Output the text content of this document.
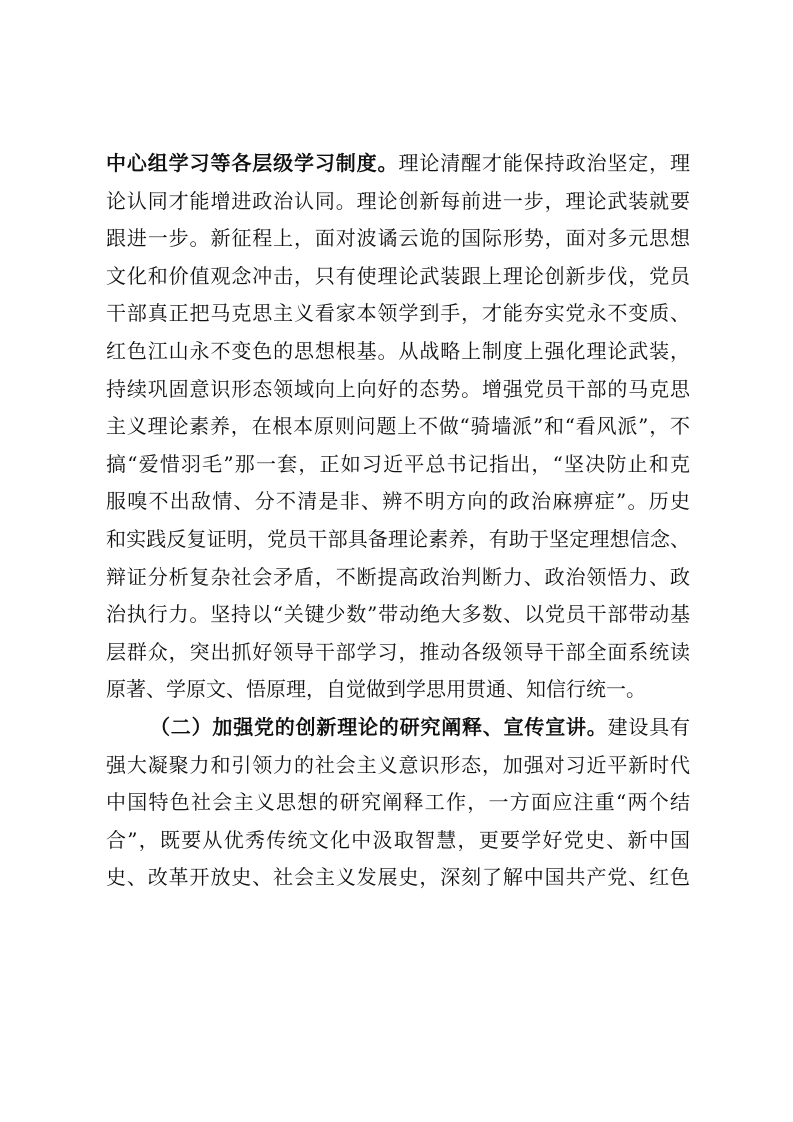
中心组学习等各层级学习制度。理论清醒才能保持政治坚定，理
论认同才能增进政治认同。理论创新每前进一步，理论武装就要
跟进一步。新征程上，面对波谲云诡的国际形势，面对多元思想
文化和价值观念冲击，只有使理论武装跟上理论创新步伐，党员
干部真正把马克思主义看家本领学到手，才能夯实党永不变质、
红色江山永不变色的思想根基。从战略上制度上强化理论武装，
持续巩固意识形态领域向上向好的态势。增强党员干部的马克思
主义理论素养，在根本原则问题上不做“骑墙派”和“看风派”，不
搞“爱惜羽毛”那一套，正如习近平总书记指出，“坚决防止和克
服嗅不出敌情、分不清是非、辨不明方向的政治麻痹症”。历史
和实践反复证明，党员干部具备理论素养，有助于坚定理想信念、
辩证分析复杂社会矛盾，不断提高政治判断力、政治领悟力、政
治执行力。坚持以“关键少数”带动绝大多数、以党员干部带动基
层群众，突出抓好领导干部学习，推动各级领导干部全面系统读
原著、学原文、悟原理，自觉做到学思用贯通、知信行统一。
（二）加强党的创新理论的研究阐释、宣传宣讲。建设具有
强大凝聚力和引领力的社会主义意识形态，加强对习近平新时代
中国特色社会主义思想的研究阐释工作，一方面应注重“两个结
合”，既要从优秀传统文化中汲取智慧，更要学好党史、新中国
史、改革开放史、社会主义发展史，深刻了解中国共产党、红色
